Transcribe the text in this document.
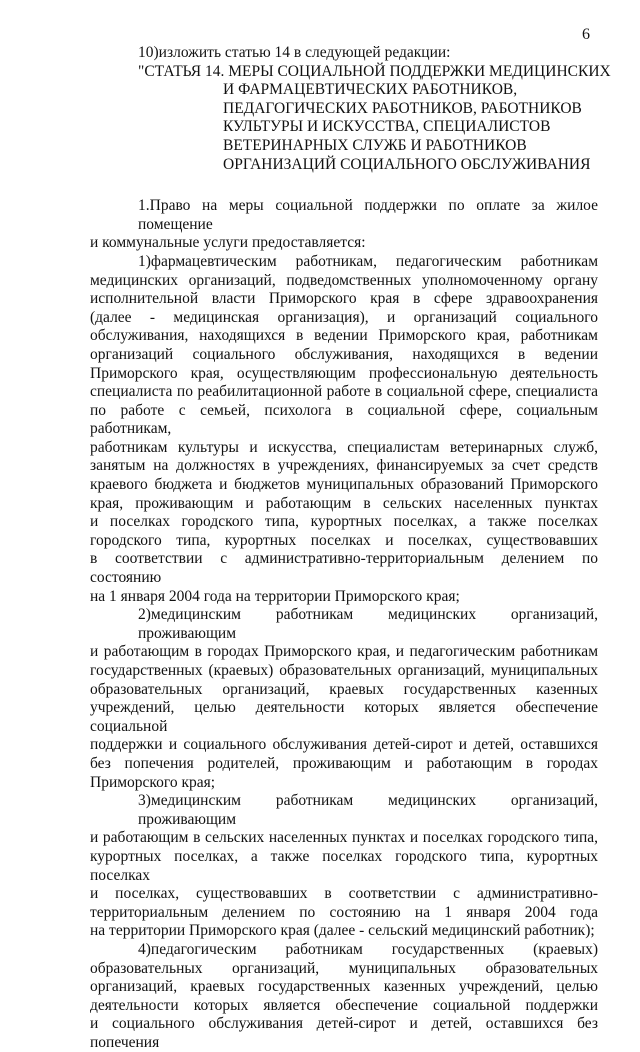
6
10)изложить статью 14 в следующей редакции:
"СТАТЬЯ 14. МЕРЫ СОЦИАЛЬНОЙ ПОДДЕРЖКИ МЕДИЦИНСКИХ
И ФАРМАЦЕВТИЧЕСКИХ РАБОТНИКОВ,
ПЕДАГОГИЧЕСКИХ РАБОТНИКОВ, РАБОТНИКОВ
КУЛЬТУРЫ И ИСКУССТВА, СПЕЦИАЛИСТОВ
ВЕТЕРИНАРНЫХ СЛУЖБ И РАБОТНИКОВ
ОРГАНИЗАЦИЙ СОЦИАЛЬНОГО ОБСЛУЖИВАНИЯ
1.Право на меры социальной поддержки по оплате за жилое помещение
и коммунальные услуги предоставляется:
1)фармацевтическим работникам, педагогическим работникам
медицинских организаций, подведомственных уполномоченному органу
исполнительной власти Приморского края в сфере здравоохранения
(далее - медицинская организация), и организаций социального
обслуживания, находящихся в ведении Приморского края, работникам
организаций социального обслуживания, находящихся в ведении
Приморского края, осуществляющим профессиональную деятельность
специалиста по реабилитационной работе в социальной сфере, специалиста
по работе с семьей, психолога в социальной сфере, социальным работникам,
работникам культуры и искусства, специалистам ветеринарных служб,
занятым на должностях в учреждениях, финансируемых за счет средств
краевого бюджета и бюджетов муниципальных образований Приморского
края, проживающим и работающим в сельских населенных пунктах
и поселках городского типа, курортных поселках, а также поселках
городского типа, курортных поселках и поселках, существовавших
в соответствии с административно-территориальным делением по состоянию
на 1 января 2004 года на территории Приморского края;
2)медицинским работникам медицинских организаций, проживающим
и работающим в городах Приморского края, и педагогическим работникам
государственных (краевых) образовательных организаций, муниципальных
образовательных организаций, краевых государственных казенных
учреждений, целью деятельности которых является обеспечение социальной
поддержки и социального обслуживания детей-сирот и детей, оставшихся
без попечения родителей, проживающим и работающим в городах
Приморского края;
3)медицинским работникам медицинских организаций, проживающим
и работающим в сельских населенных пунктах и поселках городского типа,
курортных поселках, а также поселках городского типа, курортных поселках
и поселках, существовавших в соответствии с административно-
территориальным делением по состоянию на 1 января 2004 года
на территории Приморского края (далее - сельский медицинский работник);
4)педагогическим работникам государственных (краевых)
образовательных организаций, муниципальных образовательных
организаций, краевых государственных казенных учреждений, целью
деятельности которых является обеспечение социальной поддержки
и социального обслуживания детей-сирот и детей, оставшихся без попечения
